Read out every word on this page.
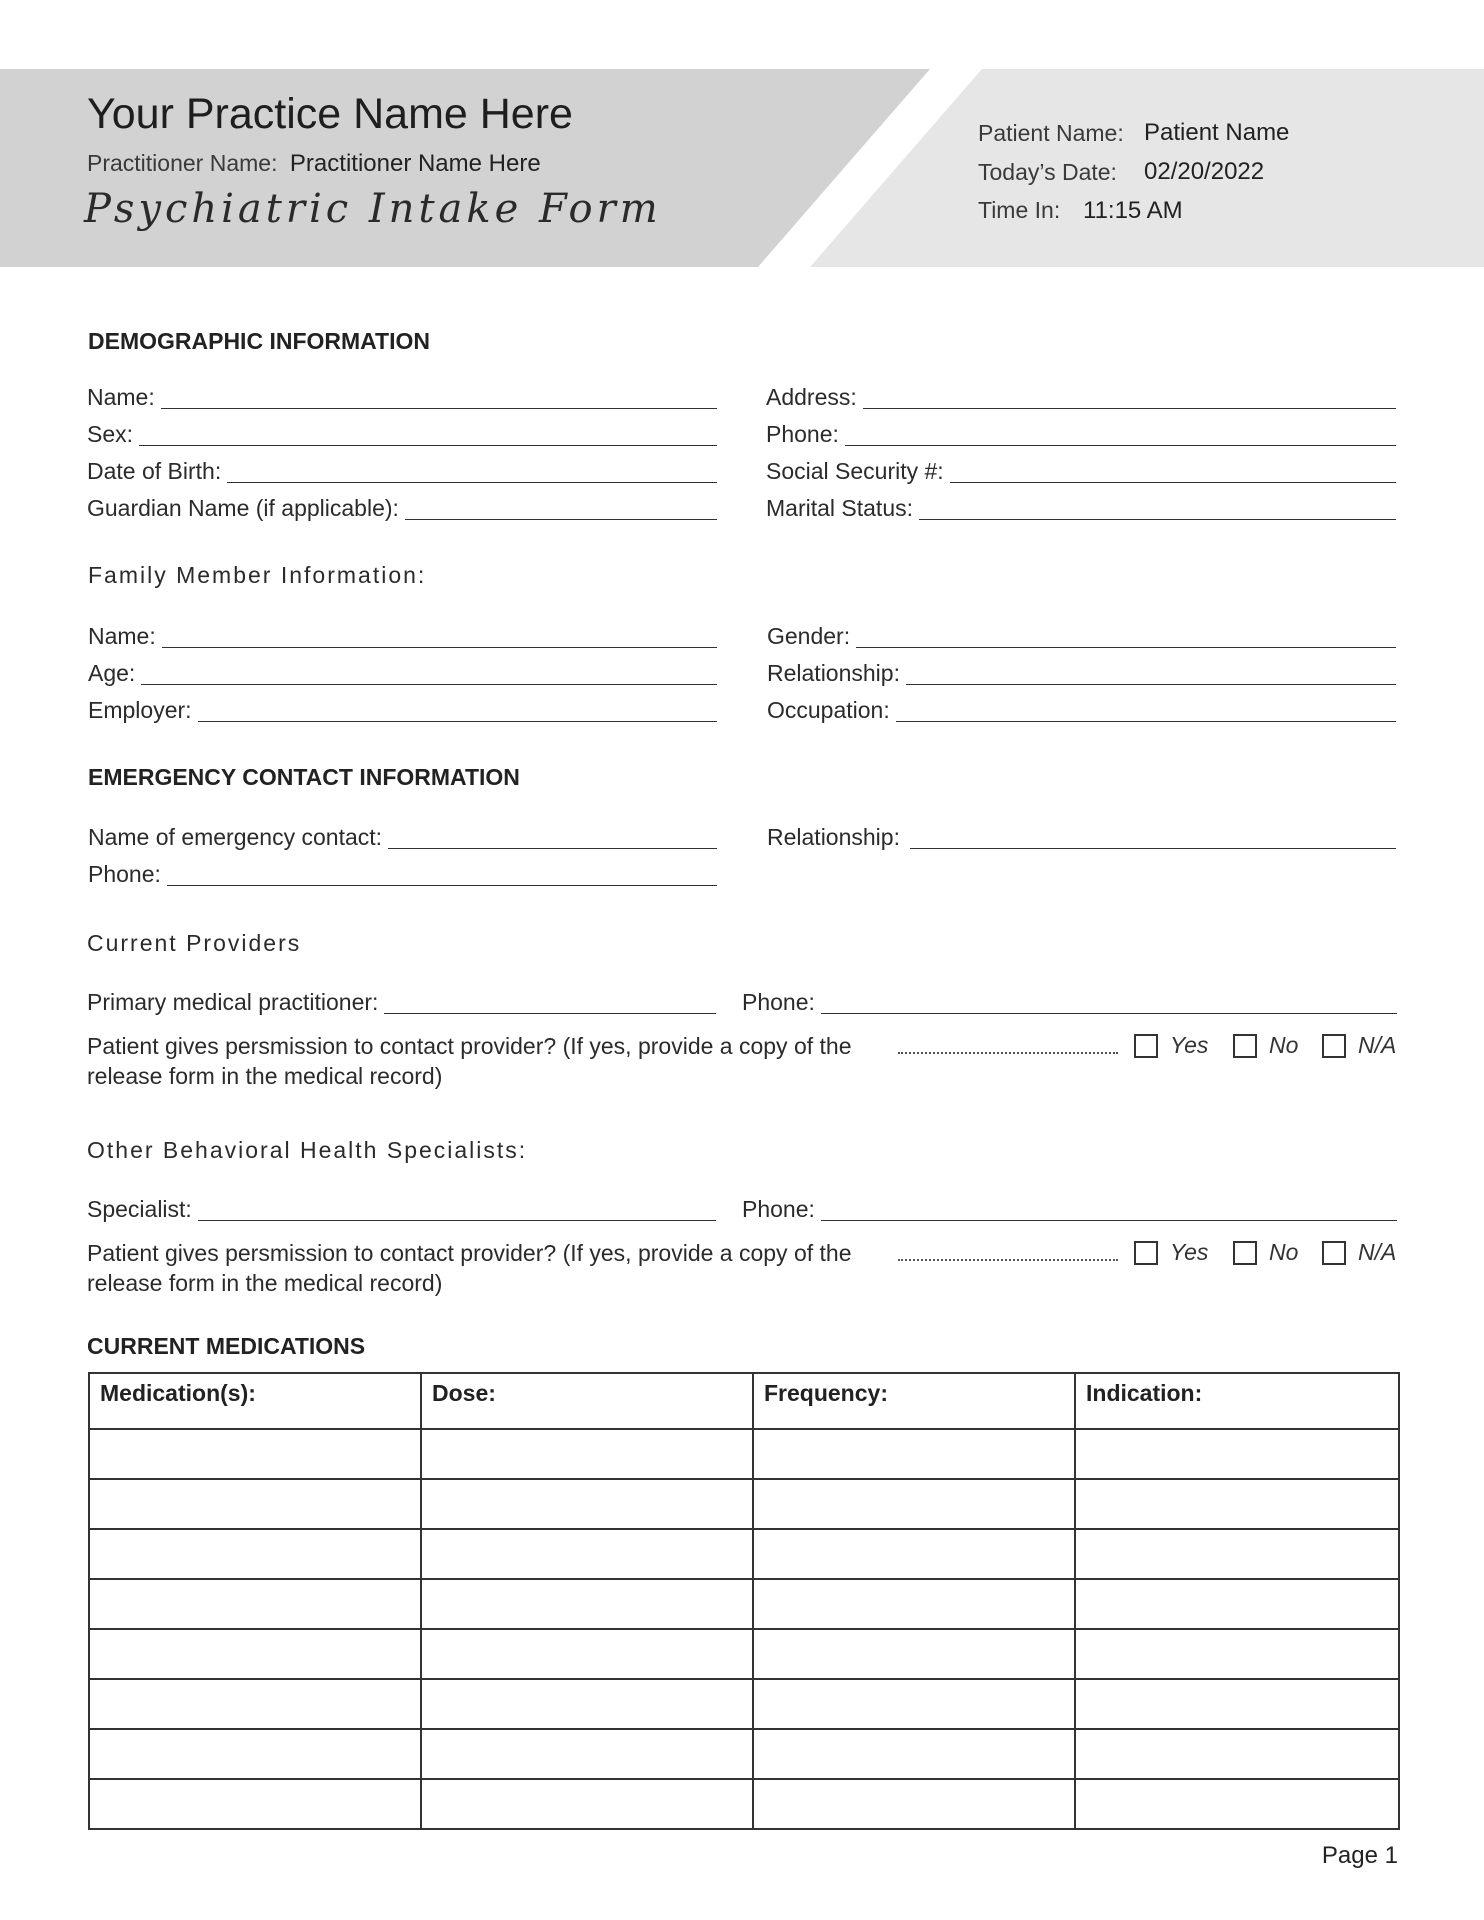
Your Practice Name Here
Practitioner Name: Practitioner Name Here
Psychiatric Intake Form
Patient Name: Patient Name
Today’s Date: 02/20/2022
Time In: 11:15 AM
DEMOGRAPHIC INFORMATION
Name:
Sex:
Date of Birth:
Guardian Name (if applicable):
Address:
Phone:
Social Security #:
Marital Status:
Family Member Information:
Name:
Age:
Employer:
Gender:
Relationship:
Occupation:
EMERGENCY CONTACT INFORMATION
Name of emergency contact:
Phone:
Relationship:
Current Providers
Primary medical practitioner:	Phone:
Patient gives persmission to contact provider? (If yes, provide a copy of the
release form in the medical record)
Yes	No	N/A
Other Behavioral Health Specialists:
Specialist:	Phone:
Patient gives persmission to contact provider? (If yes, provide a copy of the
release form in the medical record)
Yes	No	N/A
CURRENT MEDICATIONS
Medication(s):	Dose:	Frequency:	Indication:

Page 1
